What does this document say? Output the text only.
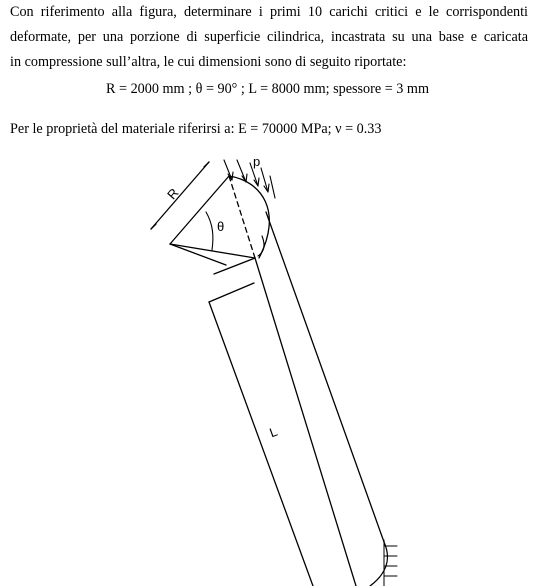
Con riferimento alla figura, determinare i primi 10 carichi critici e le corrispondenti
deformate, per una porzione di superficie cilindrica, incastrata su una base e caricata
in compressione sull’altra, le cui dimensioni sono di seguito riportate:
R = 2000 mm ; θ = 90° ; L = 8000 mm; spessore = 3 mm
Per le proprietà del materiale riferirsi a: E = 70000 MPa; ν = 0.33
R
θ
p
L
